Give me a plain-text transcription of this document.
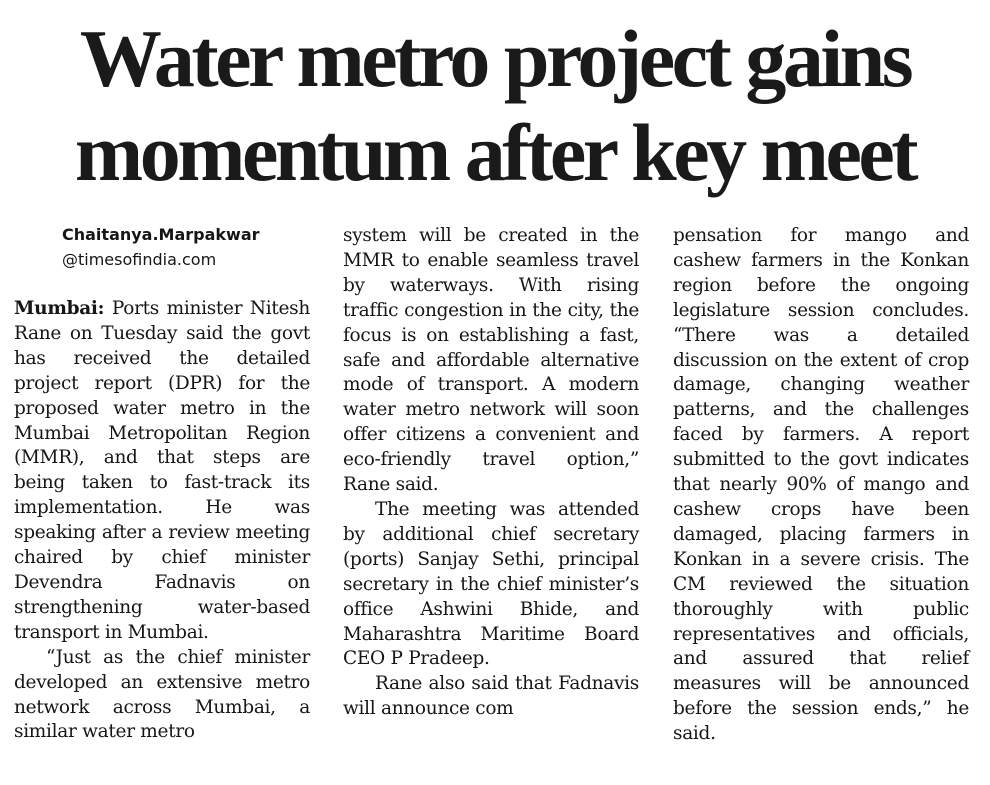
Water metro project gains
momentum after key meet
Chaitanya.Marpakwar
@timesofindia.com

Mumbai: Ports minister Nitesh Rane on Tuesday said the govt has received the detailed project report (DPR) for the proposed water metro in the Mumbai Metropolitan Region (MMR), and that steps are being taken to fast-track its implementation. He was speaking after a review meeting chaired by chief minister Devendra Fadnavis on strengthening water-based transport in Mumbai.

“Just as the chief minister developed an extensive metro network across Mumbai, a similar water metro

system will be created in the MMR to enable seamless travel by waterways. With rising traffic congestion in the city, the focus is on establishing a fast, safe and affordable alternative mode of transport. A modern water metro network will soon offer citizens a convenient and eco-friendly travel option,” Rane said.

The meeting was attended by additional chief secretary (ports) Sanjay Sethi, principal secretary in the chief minister’s office Ashwini Bhide, and Maharashtra Maritime Board CEO P Pradeep.

Rane also said that Fadnavis will announce com

pensation for mango and cashew farmers in the Konkan region before the ongoing legislature session concludes. “There was a detailed discussion on the extent of crop damage, changing weather patterns, and the challenges faced by farmers. A report submitted to the govt indicates that nearly 90% of mango and cashew crops have been damaged, placing farmers in Konkan in a severe crisis. The CM reviewed the situation thoroughly with public representatives and officials, and assured that relief measures will be announced before the session ends,” he said.
